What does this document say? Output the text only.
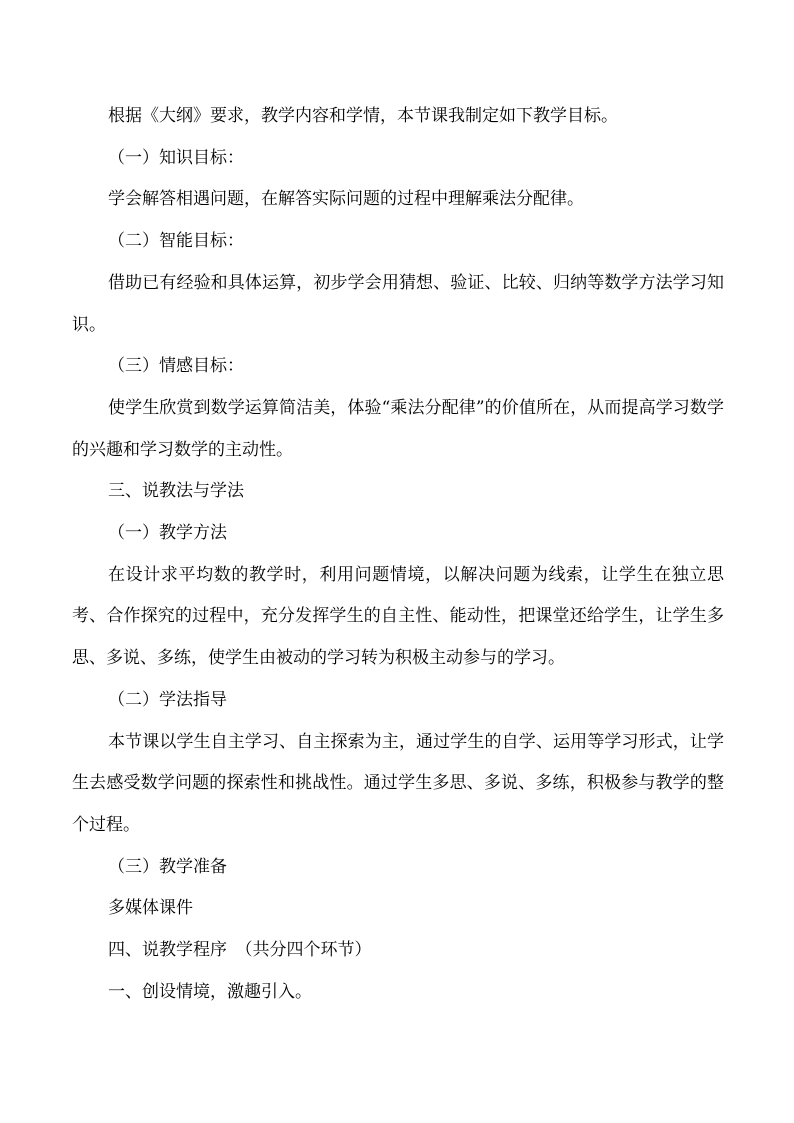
根据《大纲》要求，教学内容和学情，本节课我制定如下教学目标。

（一）知识目标：

学会解答相遇问题，在解答实际问题的过程中理解乘法分配律。

（二）智能目标：

借助已有经验和具体运算，初步学会用猜想、验证、比较、归纳等数学方法学习知识。

（三）情感目标：

使学生欣赏到数学运算简洁美，体验“乘法分配律”的价值所在，从而提高学习数学的兴趣和学习数学的主动性。

三、说教法与学法

（一）教学方法

在设计求平均数的教学时，利用问题情境，以解决问题为线索，让学生在独立思考、合作探究的过程中，充分发挥学生的自主性、能动性，把课堂还给学生，让学生多思、多说、多练，使学生由被动的学习转为积极主动参与的学习。

（二）学法指导

本节课以学生自主学习、自主探索为主，通过学生的自学、运用等学习形式，让学生去感受数学问题的探索性和挑战性。通过学生多思、多说、多练，积极参与教学的整个过程。

（三）教学准备

多媒体课件

四、说教学程序　（共分四个环节）

一、创设情境，激趣引入。
